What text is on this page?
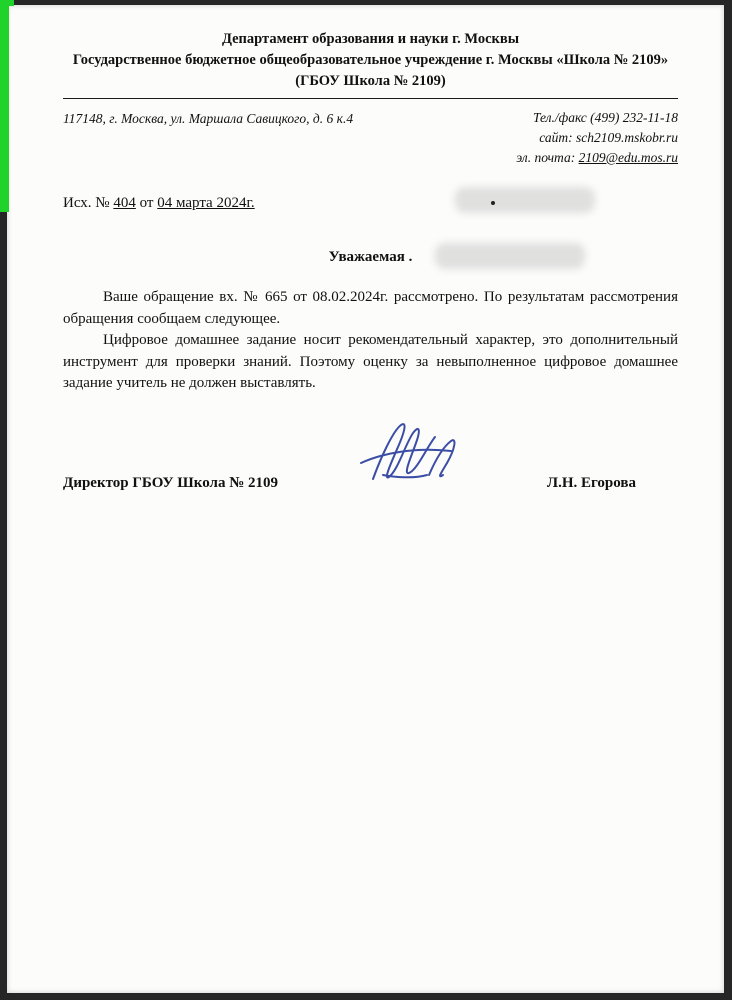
Департамент образования и науки г. Москвы
Государственное бюджетное общеобразовательное учреждение г. Москвы «Школа № 2109»
(ГБОУ Школа № 2109)
117148, г. Москва, ул. Маршала Савицкого, д. 6 к.4	Тел./факс (499) 232-11-18
сайт: sch2109.mskobr.ru
эл. почта: 2109@edu.mos.ru
Исх. № 404 от 04 марта 2024г.
Уважаемая .

Ваше обращение вх. № 665 от 08.02.2024г. рассмотрено. По результатам рассмотрения обращения сообщаем следующее.

Цифровое домашнее задание носит рекомендательный характер, это дополнительный инструмент для проверки знаний. Поэтому оценку за невыполненное цифровое домашнее задание учитель не должен выставлять.

Директор ГБОУ Школа № 2109	Л.Н. Егорова
